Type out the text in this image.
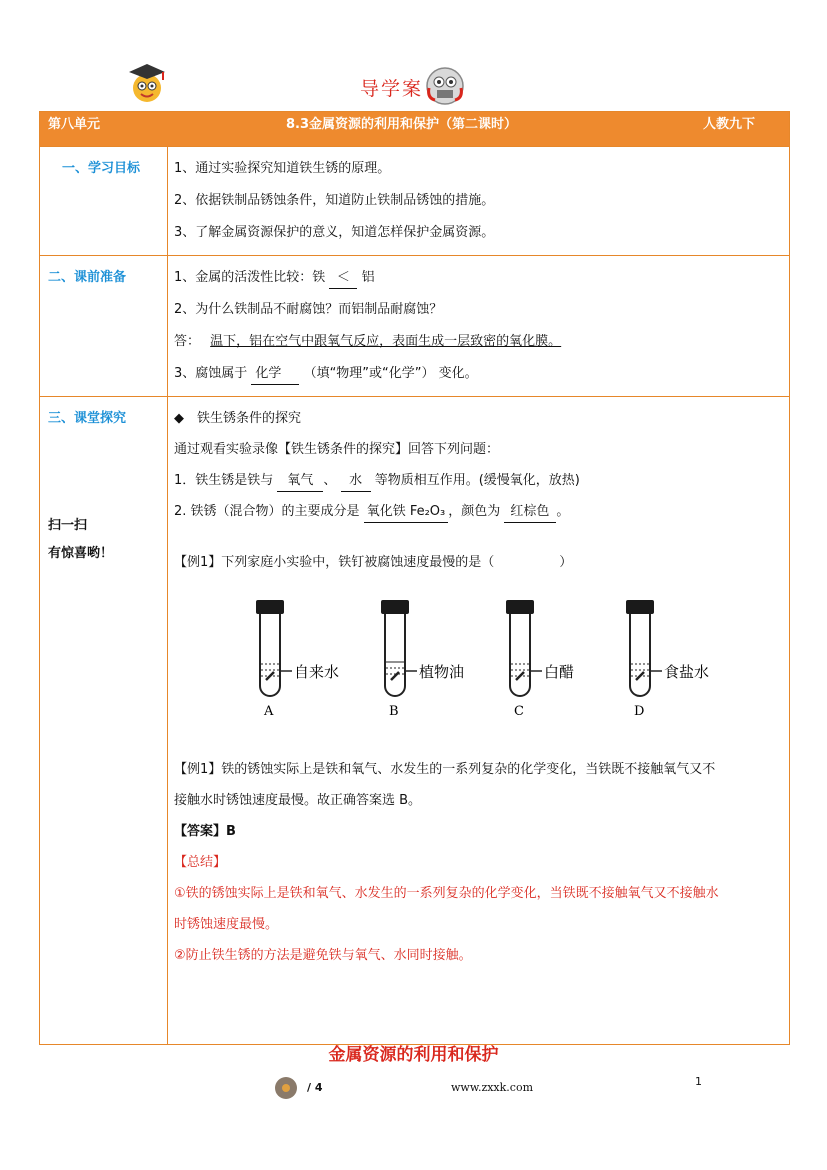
导学案
第八单元	8.3金属资源的利用和保护（第二课时）	人教九下

一、学习目标	1、通过实验探究知道铁生锈的原理。
2、依据铁制品锈蚀条件，知道防止铁制品锈蚀的措施。
3、了解金属资源保护的意义，知道怎样保护金属资源。

二、课前准备	1、金属的活泼性比较：铁 ＜ 铝
2、为什么铁制品不耐腐蚀？而铝制品耐腐蚀？
答： 温下，铝在空气中跟氧气反应，表面生成一层致密的氧化膜。
3、腐蚀属于 化学 （填“物理”或“化学”） 变化。

三、课堂探究	◆　铁生锈条件的探究
通过观看实验录像【铁生锈条件的探究】回答下列问题：
1．铁生锈是铁与 氧气 、 水 等物质相互作用。(缓慢氧化，放热)
2. 铁锈（混合物）的主要成分是 氧化铁 Fe₂O₃ ，颜色为 红棕色 。
【例1】下列家庭小实验中，铁钉被腐蚀速度最慢的是（　　　　　）
自来水
A
植物油
B
白醋
C
食盐水
D
【例1】铁的锈蚀实际上是铁和氧气、水发生的一系列复杂的化学变化，当铁既不接触氧气又不
接触水时锈蚀速度最慢。故正确答案选 B。
【答案】B
【总结】
①铁的锈蚀实际上是铁和氧气、水发生的一系列复杂的化学变化，当铁既不接触氧气又不接触水
时锈蚀速度最慢。
②防止铁生锈的方法是避免铁与氧气、水同时接触。
扫一扫
有惊喜哟！
金属资源的利用和保护
1
/ 4	www.zxxk.com
